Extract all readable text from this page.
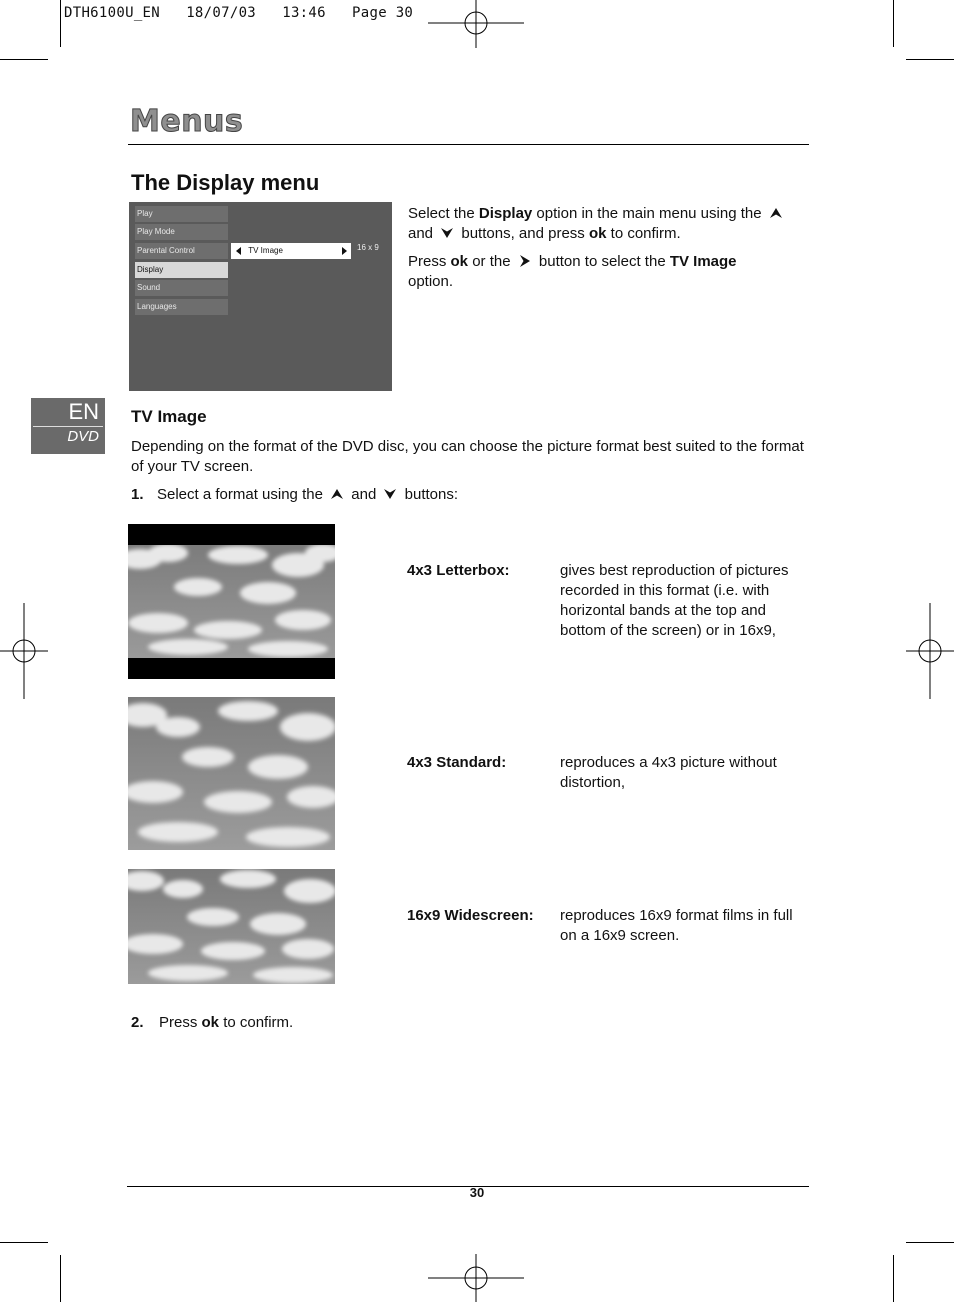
DTH6100U_EN   18/07/03   13:46   Page 30
Menus
The Display menu
Play
Play Mode
Parental Control
Display
Sound
Languages
TV Image	16 x 9
Select the Display option in the main menu using the
and buttons, and press ok to confirm.
Press ok or the button to select the TV Image
option.
EN
DVD
TV Image
Depending on the format of the DVD disc, you can choose the picture format best suited to the format of your TV screen.
1. Select a format using the and buttons:
4x3 Letterbox:	gives best reproduction of pictures recorded in this format (i.e. with horizontal bands at the top and bottom of the screen) or in 16x9,
4x3 Standard:	reproduces a 4x3 picture without distortion,
16x9 Widescreen: reproduces 16x9 format films in full on a 16x9 screen.
2. Press ok to confirm.
30
